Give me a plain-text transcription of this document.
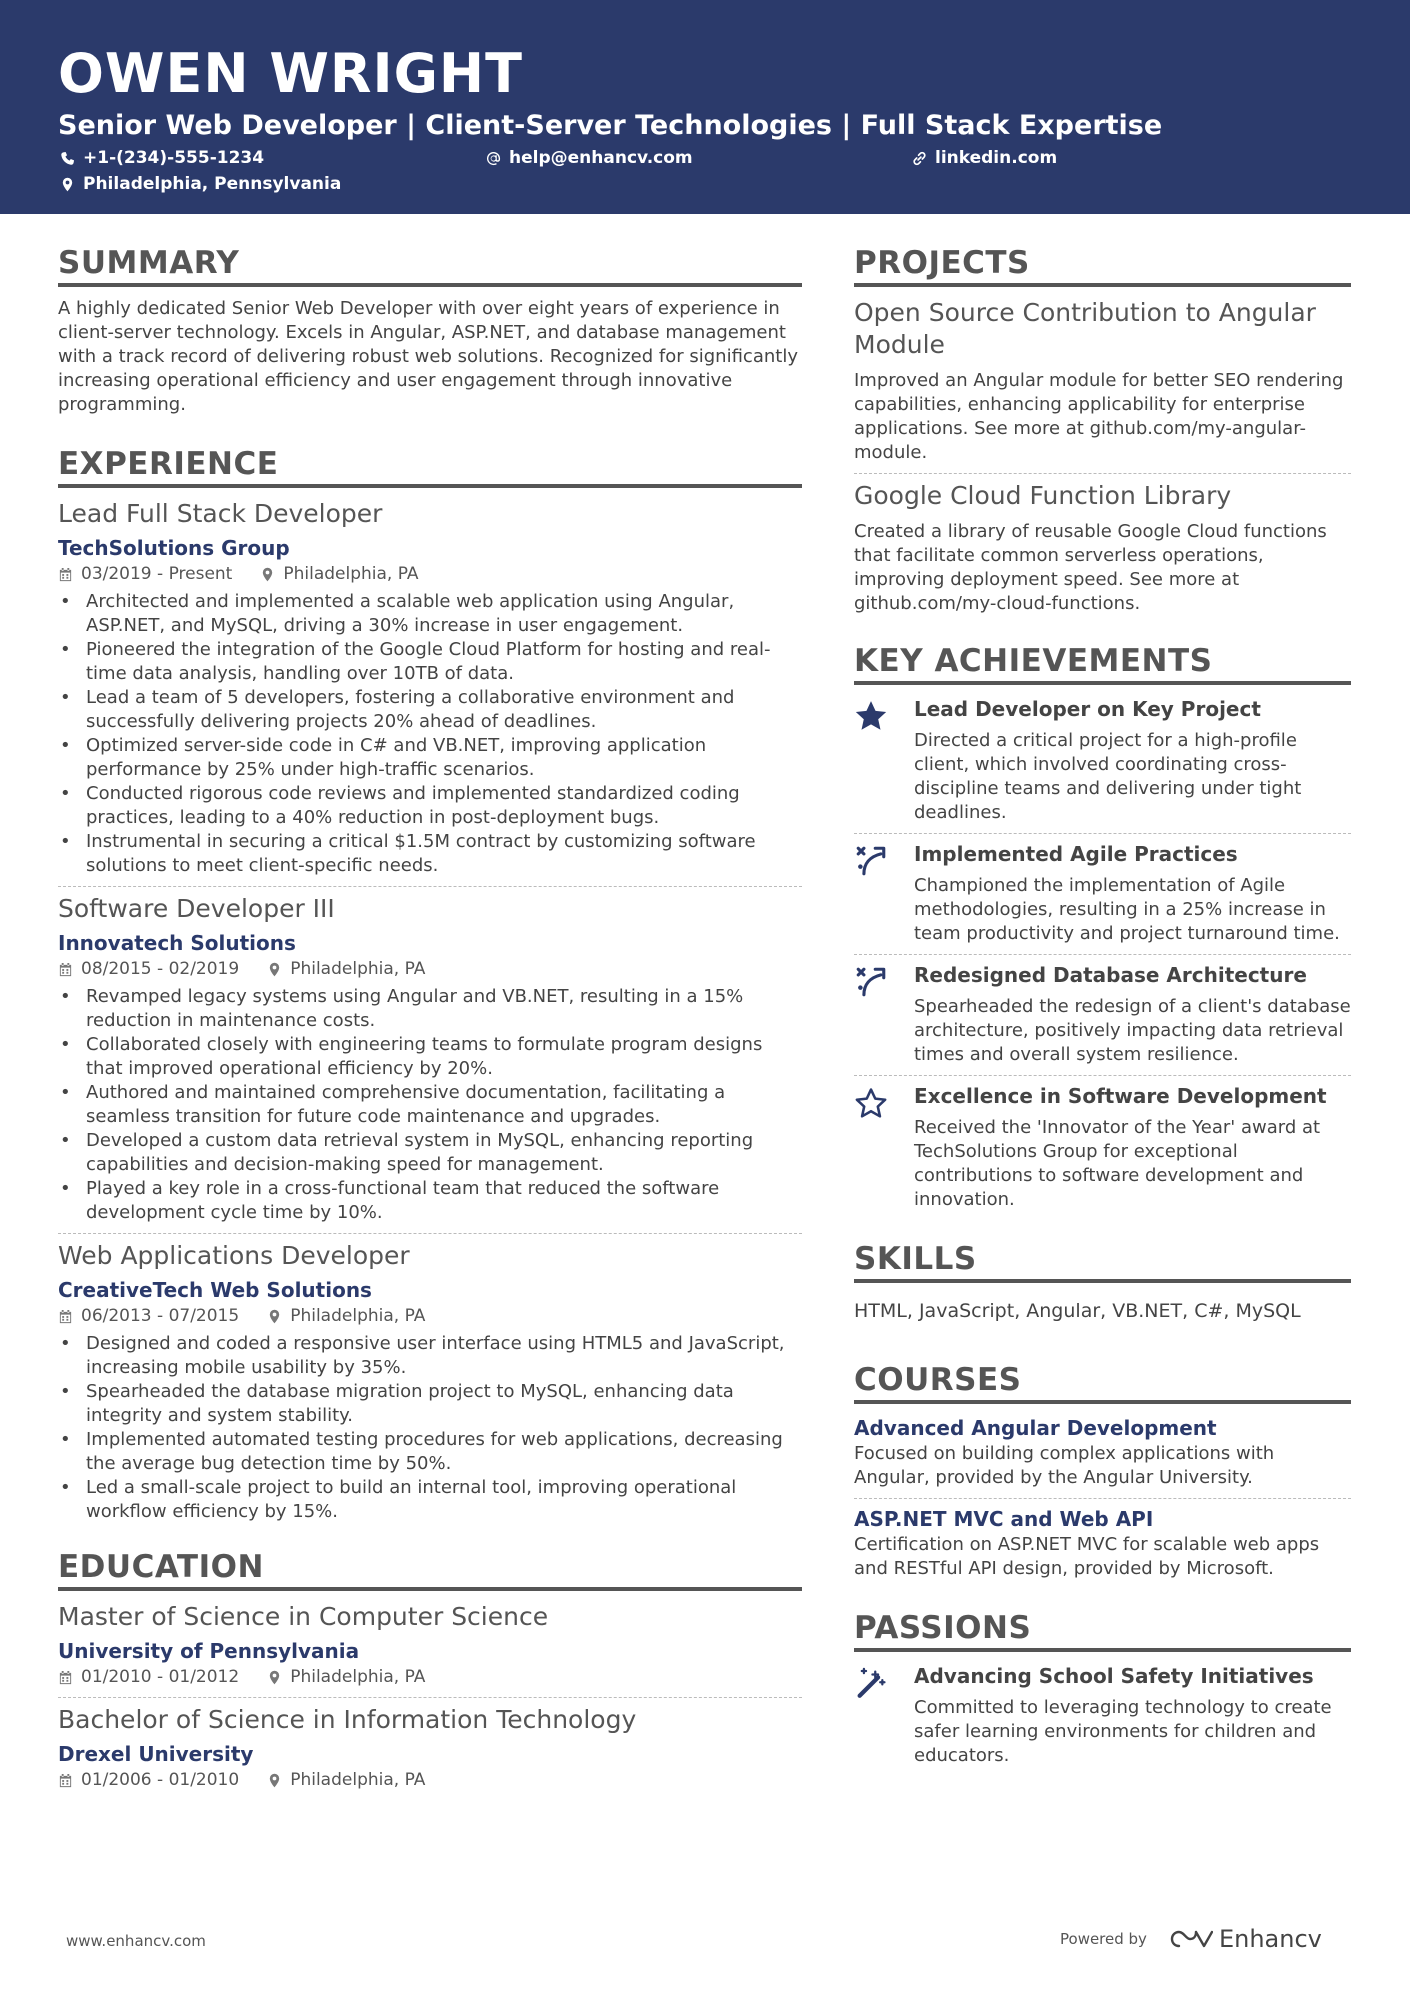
OWEN WRIGHT
Senior Web Developer | Client-Server Technologies | Full Stack Expertise
+1-(234)-555-1234	help@enhancv.com	linkedin.com
Philadelphia, Pennsylvania
SUMMARY
A highly dedicated Senior Web Developer with over eight years of experience in client-server technology. Excels in Angular, ASP.NET, and database management with a track record of delivering robust web solutions. Recognized for significantly increasing operational efficiency and user engagement through innovative programming.
EXPERIENCE
Lead Full Stack Developer
TechSolutions Group
03/2019 - Present	Philadelphia, PA
• Architected and implemented a scalable web application using Angular, ASP.NET, and MySQL, driving a 30% increase in user engagement.
• Pioneered the integration of the Google Cloud Platform for hosting and real-time data analysis, handling over 10TB of data.
• Lead a team of 5 developers, fostering a collaborative environment and successfully delivering projects 20% ahead of deadlines.
• Optimized server-side code in C# and VB.NET, improving application performance by 25% under high-traffic scenarios.
• Conducted rigorous code reviews and implemented standardized coding practices, leading to a 40% reduction in post-deployment bugs.
• Instrumental in securing a critical $1.5M contract by customizing software solutions to meet client-specific needs.
Software Developer III
Innovatech Solutions
08/2015 - 02/2019	Philadelphia, PA
• Revamped legacy systems using Angular and VB.NET, resulting in a 15% reduction in maintenance costs.
• Collaborated closely with engineering teams to formulate program designs that improved operational efficiency by 20%.
• Authored and maintained comprehensive documentation, facilitating a seamless transition for future code maintenance and upgrades.
• Developed a custom data retrieval system in MySQL, enhancing reporting capabilities and decision-making speed for management.
• Played a key role in a cross-functional team that reduced the software development cycle time by 10%.
Web Applications Developer
CreativeTech Web Solutions
06/2013 - 07/2015	Philadelphia, PA
• Designed and coded a responsive user interface using HTML5 and JavaScript, increasing mobile usability by 35%.
• Spearheaded the database migration project to MySQL, enhancing data integrity and system stability.
• Implemented automated testing procedures for web applications, decreasing the average bug detection time by 50%.
• Led a small-scale project to build an internal tool, improving operational workflow efficiency by 15%.
EDUCATION
Master of Science in Computer Science
University of Pennsylvania
01/2010 - 01/2012	Philadelphia, PA
Bachelor of Science in Information Technology
Drexel University
01/2006 - 01/2010	Philadelphia, PA
PROJECTS
Open Source Contribution to Angular Module
Improved an Angular module for better SEO rendering capabilities, enhancing applicability for enterprise applications. See more at github.com/my-angular-module.
Google Cloud Function Library
Created a library of reusable Google Cloud functions that facilitate common serverless operations, improving deployment speed. See more at github.com/my-cloud-functions.
KEY ACHIEVEMENTS
Lead Developer on Key Project
Directed a critical project for a high-profile client, which involved coordinating cross-discipline teams and delivering under tight deadlines.
Implemented Agile Practices
Championed the implementation of Agile methodologies, resulting in a 25% increase in team productivity and project turnaround time.
Redesigned Database Architecture
Spearheaded the redesign of a client's database architecture, positively impacting data retrieval times and overall system resilience.
Excellence in Software Development
Received the 'Innovator of the Year' award at TechSolutions Group for exceptional contributions to software development and innovation.
SKILLS
HTML, JavaScript, Angular, VB.NET, C#, MySQL
COURSES
Advanced Angular Development
Focused on building complex applications with Angular, provided by the Angular University.
ASP.NET MVC and Web API
Certification on ASP.NET MVC for scalable web apps and RESTful API design, provided by Microsoft.
PASSIONS
Advancing School Safety Initiatives
Committed to leveraging technology to create safer learning environments for children and educators.
www.enhancv.com	Powered by	Enhancv
